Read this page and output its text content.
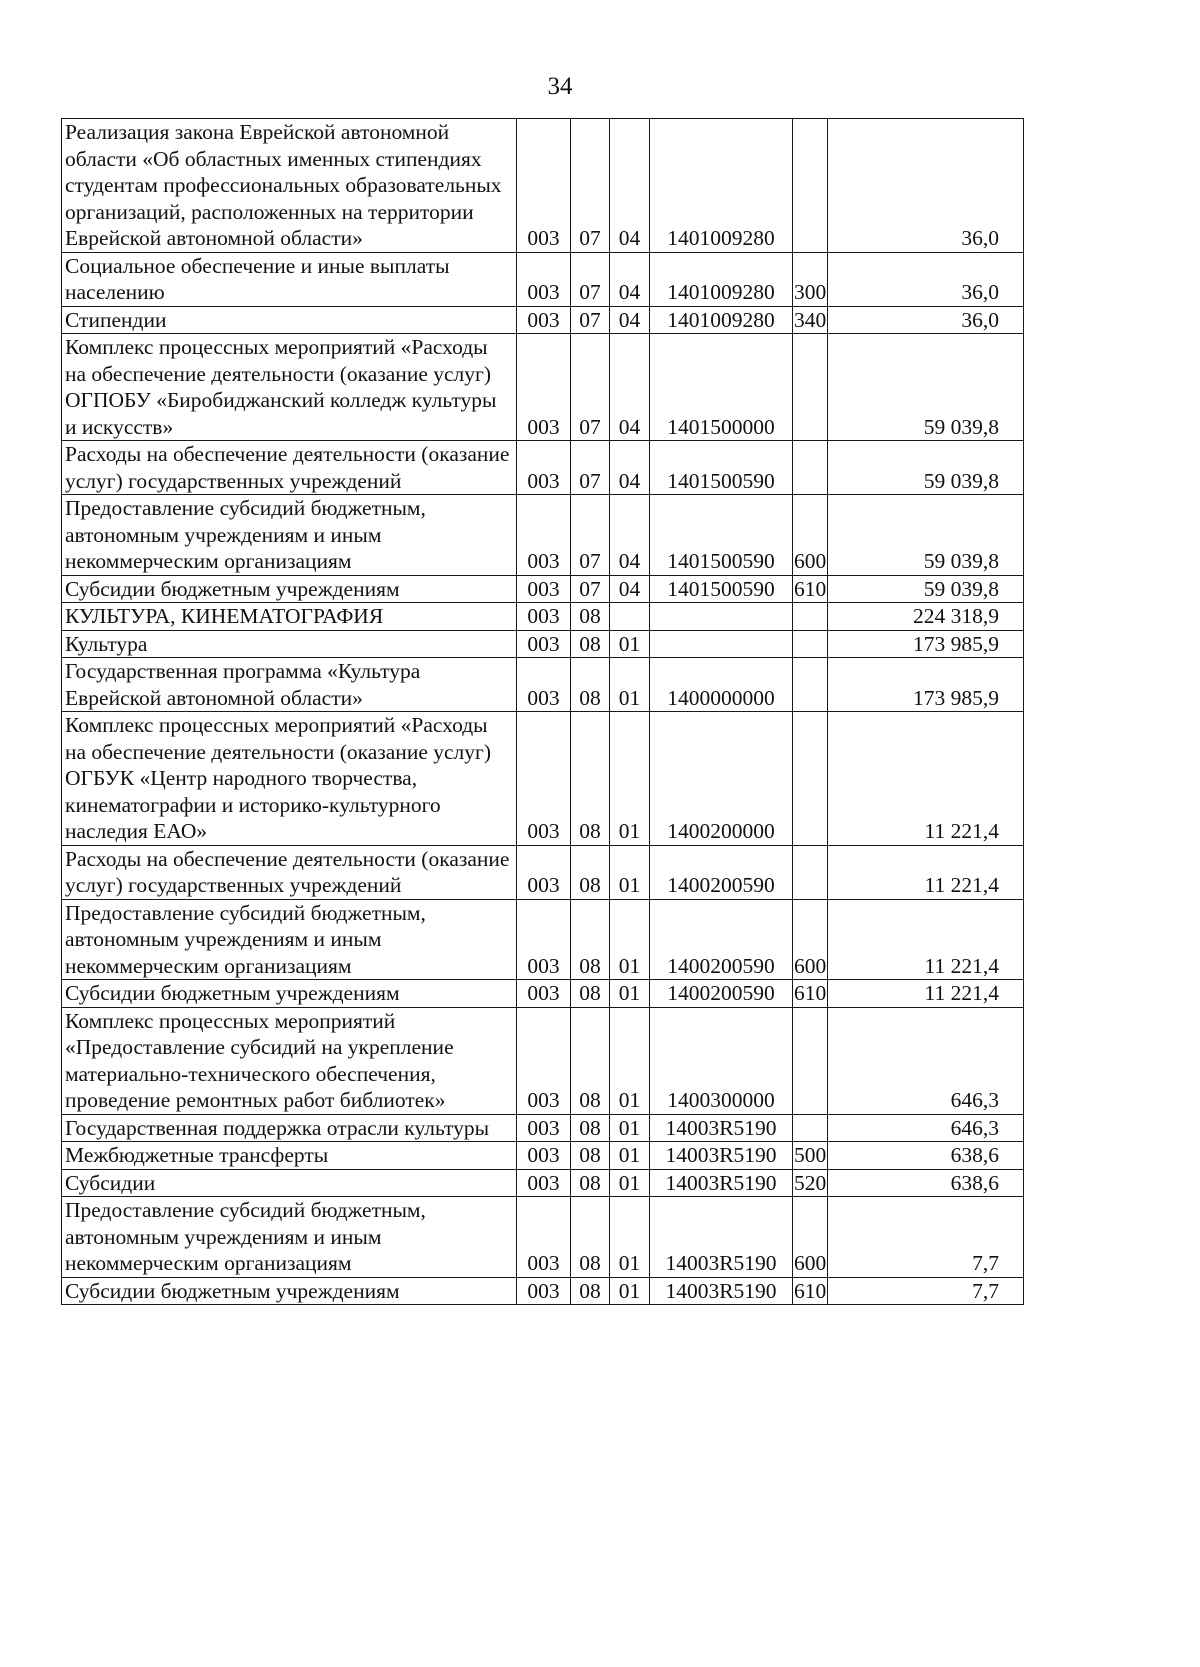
34
Реализация закона Еврейской автономной области «Об областных именных стипендиях студентам профессиональных образовательных организаций, расположенных на территории Еврейской автономной области»	003	07	04	1401009280		36,0
Социальное обеспечение и иные выплаты населению	003	07	04	1401009280	300	36,0
Стипендии	003	07	04	1401009280	340	36,0
Комплекс процессных мероприятий «Расходы на обеспечение деятельности (оказание услуг) ОГПОБУ «Биробиджанский колледж культуры и искусств»	003	07	04	1401500000		59 039,8
Расходы на обеспечение деятельности (оказание услуг) государственных учреждений	003	07	04	1401500590		59 039,8
Предоставление субсидий бюджетным, автономным учреждениям и иным некоммерческим организациям	003	07	04	1401500590	600	59 039,8
Субсидии бюджетным учреждениям	003	07	04	1401500590	610	59 039,8
КУЛЬТУРА, КИНЕМАТОГРАФИЯ	003	08				224 318,9
Культура	003	08	01			173 985,9
Государственная программа «Культура Еврейской автономной области»	003	08	01	1400000000		173 985,9
Комплекс процессных мероприятий «Расходы на обеспечение деятельности (оказание услуг) ОГБУК «Центр народного творчества, кинематографии и историко-культурного наследия ЕАО»	003	08	01	1400200000		11 221,4
Расходы на обеспечение деятельности (оказание услуг) государственных учреждений	003	08	01	1400200590		11 221,4
Предоставление субсидий бюджетным, автономным учреждениям и иным некоммерческим организациям	003	08	01	1400200590	600	11 221,4
Субсидии бюджетным учреждениям	003	08	01	1400200590	610	11 221,4
Комплекс процессных мероприятий «Предоставление субсидий на укрепление материально-технического обеспечения, проведение ремонтных работ библиотек»	003	08	01	1400300000		646,3
Государственная поддержка отрасли культуры	003	08	01	14003R5190		646,3
Межбюджетные трансферты	003	08	01	14003R5190	500	638,6
Субсидии	003	08	01	14003R5190	520	638,6
Предоставление субсидий бюджетным, автономным учреждениям и иным некоммерческим организациям	003	08	01	14003R5190	600	7,7
Субсидии бюджетным учреждениям	003	08	01	14003R5190	610	7,7
